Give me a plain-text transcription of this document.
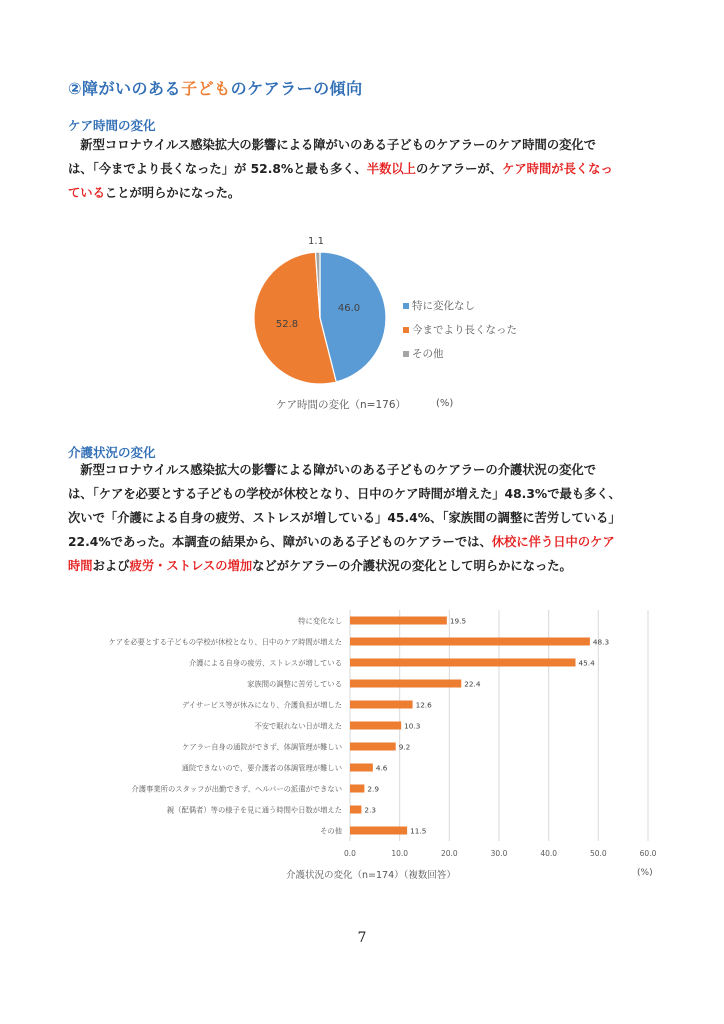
②障がいのある子どものケアラーの傾向
ケア時間の変化
　新型コロナウイルス感染拡大の影響による障がいのある子どものケアラーのケア時間の変化で
は、「今までより長くなった」が 52.8%と最も多く、半数以上のケアラーが、ケア時間が長くなっ
ていることが明らかになった。
46.0
52.8
1.1
特に変化なし
今までより長くなった
その他
ケア時間の変化（n=176）	(%)
介護状況の変化
　新型コロナウイルス感染拡大の影響による障がいのある子どものケアラーの介護状況の変化で
は、「ケアを必要とする子どもの学校が休校となり、日中のケア時間が増えた」48.3%で最も多く、
次いで「介護による自身の疲労、ストレスが増している」45.4%、「家族間の調整に苦労している」
22.4%であった。本調査の結果から、障がいのある子どものケアラーでは、休校に伴う日中のケア
時間および疲労・ストレスの増加などがケアラーの介護状況の変化として明らかになった。
0.0	10.0	20.0	30.0	40.0	50.0	60.0
特に変化なし	19.5
ケアを必要とする子どもの学校が休校となり、日中のケア時間が増えた	48.3
介護による自身の疲労、ストレスが増している	45.4
家族間の調整に苦労している	22.4
デイサービス等が休みになり、介護負担が増した	12.6
不安で眠れない日が増えた	10.3
ケアラー自身の通院ができず、体調管理が難しい	9.2
通院できないので、要介護者の体調管理が難しい	4.6
介護事業所のスタッフが出勤できず、ヘルパーの派遣ができない	2.9
親（配偶者）等の様子を見に通う時間や日数が増えた	2.3
その他	11.5
介護状況の変化（n=174）（複数回答）	(%)
7
